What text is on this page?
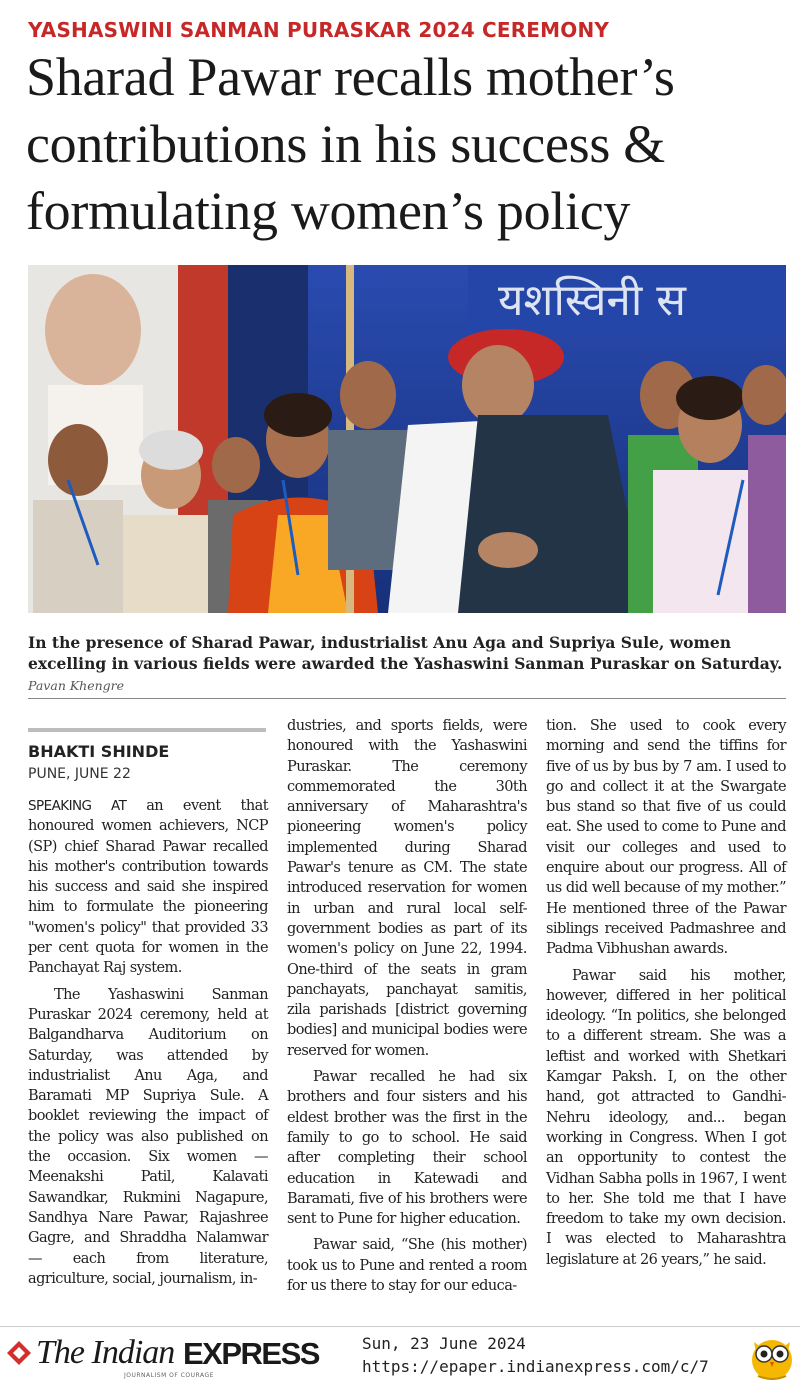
YASHASWINI SANMAN PURASKAR 2024 CEREMONY
Sharad Pawar recalls mother’s contributions in his success & formulating women’s policy
यशस्विनी स
In the presence of Sharad Pawar, industrialist Anu Aga and Supriya Sule, women excelling in various fields were awarded the Yashaswini Sanman Puraskar on Saturday. Pavan Khengre
BHAKTI SHINDE
PUNE, JUNE 22

SPEAKING AT an event that honoured women achievers, NCP (SP) chief Sharad Pawar recalled his mother's contribution towards his success and said she inspired him to formulate the pioneering "women's policy" that provided 33 per cent quota for women in the Panchayat Raj system.

The Yashaswini Sanman Puraskar 2024 ceremony, held at Balgandharva Auditorium on Saturday, was attended by industrialist Anu Aga, and Baramati MP Supriya Sule. A booklet reviewing the impact of the policy was also published on the occasion. Six women — Meenakshi Patil, Kalavati Sawandkar, Rukmini Nagapure, Sandhya Nare Pawar, Rajashree Gagre, and Shraddha Nalamwar — each from literature, agriculture, social, journalism, in-

dustries, and sports fields, were honoured with the Yashaswini Puraskar. The ceremony commemorated the 30th anniversary of Maharashtra's pioneering women's policy implemented during Sharad Pawar's tenure as CM. The state introduced reservation for women in urban and rural local self-government bodies as part of its women's policy on June 22, 1994. One-third of the seats in gram panchayats, panchayat samitis, zila parishads [district governing bodies] and municipal bodies were reserved for women.

Pawar recalled he had six brothers and four sisters and his eldest brother was the first in the family to go to school. He said after completing their school education in Katewadi and Baramati, five of his brothers were sent to Pune for higher education.

Pawar said, “She (his mother) took us to Pune and rented a room for us there to stay for our educa-

tion. She used to cook every morning and send the tiffins for five of us by bus by 7 am. I used to go and collect it at the Swargate bus stand so that five of us could eat. She used to come to Pune and visit our colleges and used to enquire about our progress. All of us did well because of my mother.” He mentioned three of the Pawar siblings received Padmashree and Padma Vibhushan awards.

Pawar said his mother, however, differed in her political ideology. “In politics, she belonged to a different stream. She was a leftist and worked with Shetkari Kamgar Paksh. I, on the other hand, got attracted to Gandhi-Nehru ideology, and... began working in Congress. When I got an opportunity to contest the Vidhan Sabha polls in 1967, I went to her. She told me that I have freedom to take my own decision. I was elected to Maharashtra legislature at 26 years,” he said.

The Indian EXPRESS
JOURNALISM OF COURAGE
Sun, 23 June 2024
https://epaper.indianexpress.com/c/7
